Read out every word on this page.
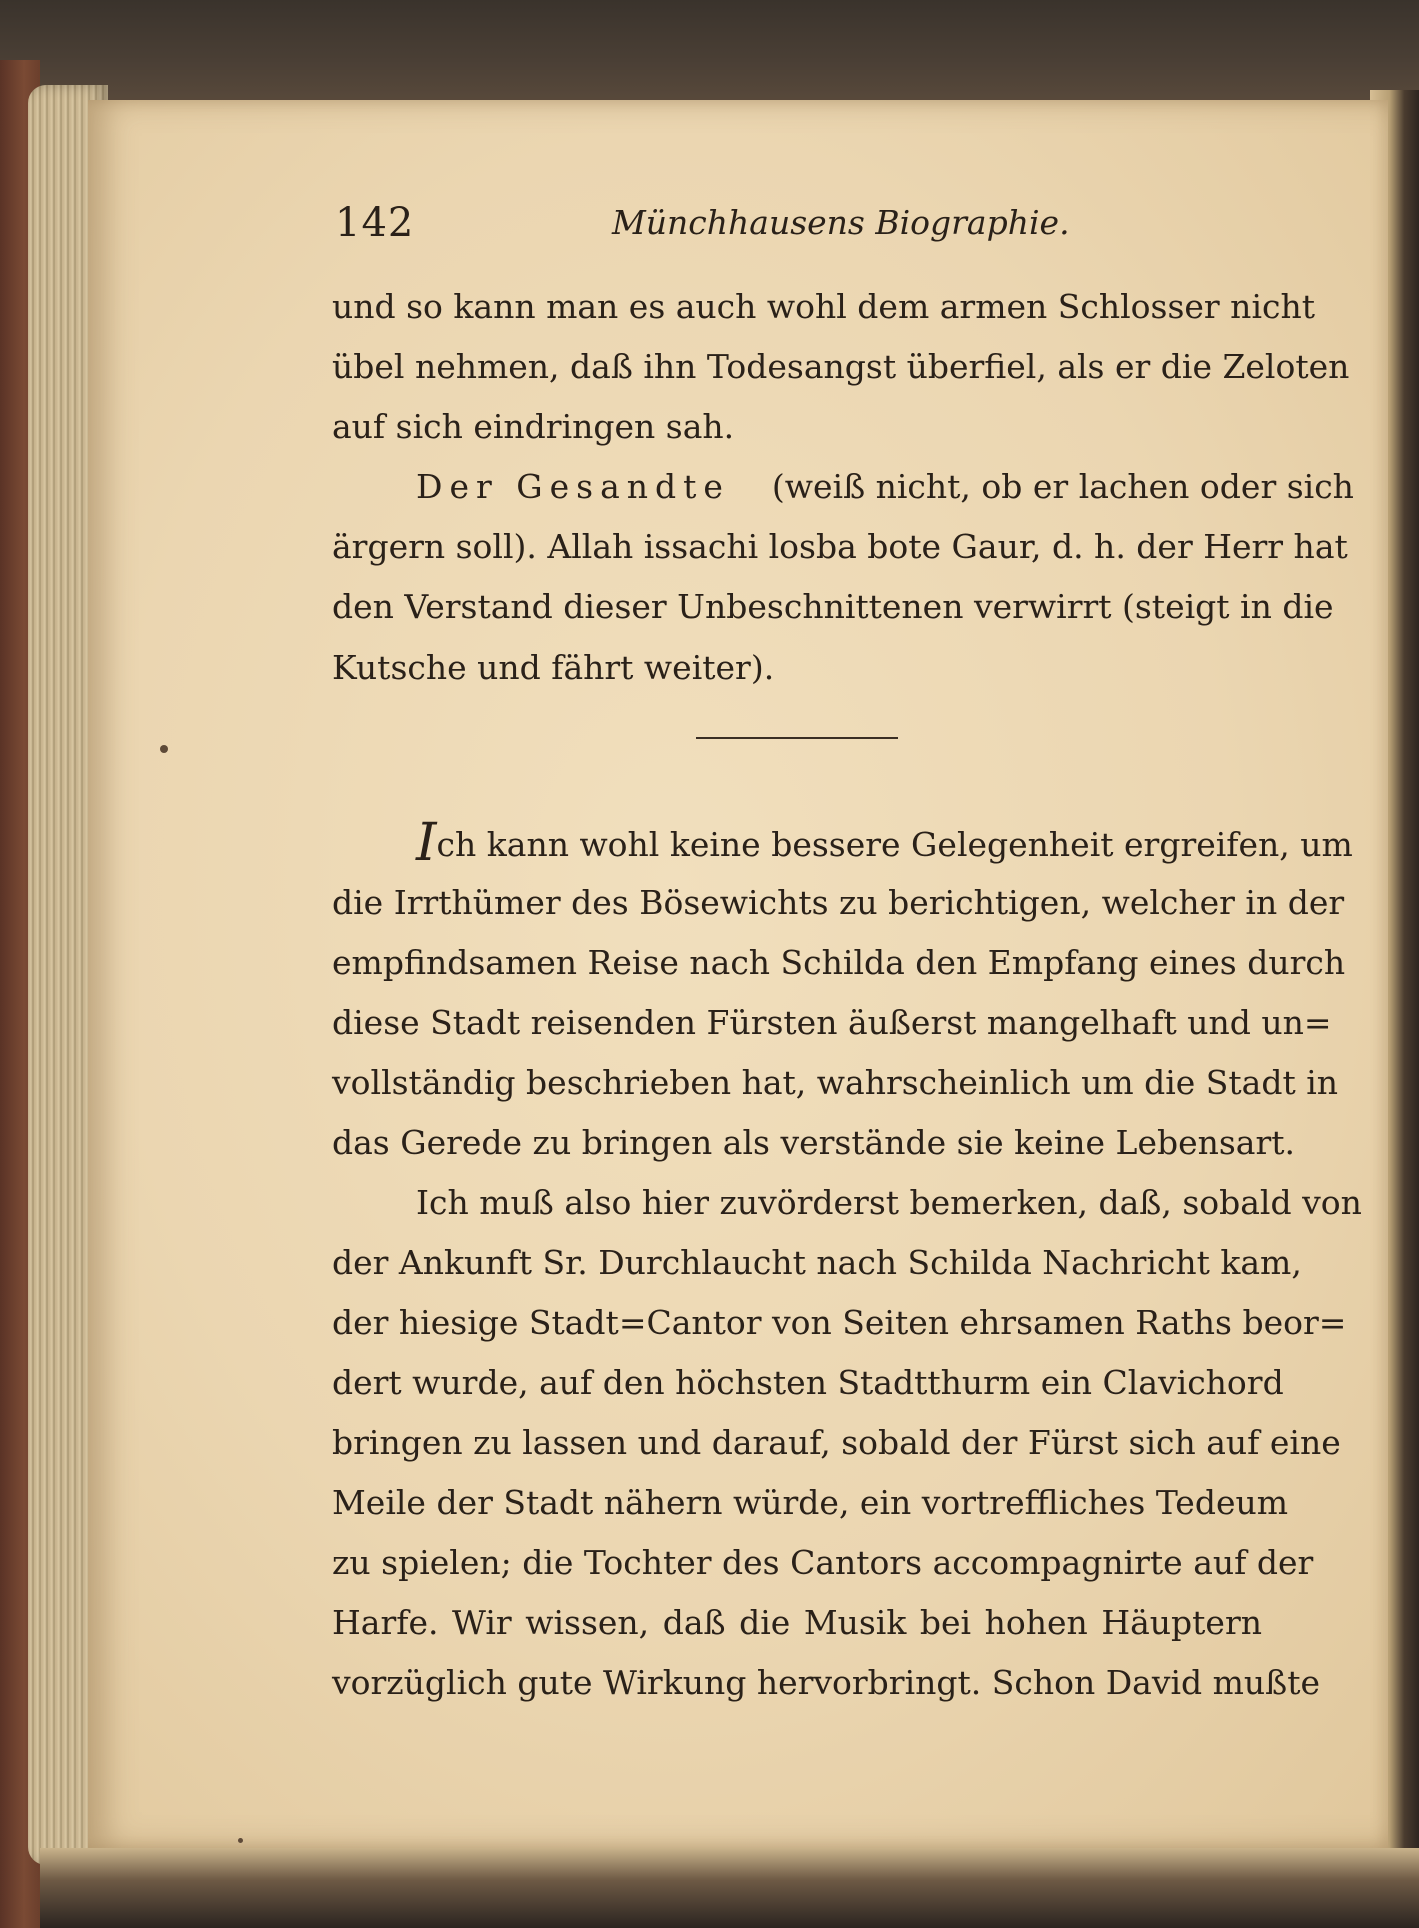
142	Münchhausens Biographie.

und so kann man es auch wohl dem armen Schlosser nicht

übel nehmen, daß ihn Todesangst überfiel, als er die Zeloten

auf sich eindringen sah.

Der Gesandte (weiß nicht, ob er lachen oder sich

ärgern soll). Allah issachi losba bote Gaur, d. h. der Herr hat

den Verstand dieser Unbeschnittenen verwirrt (steigt in die

Kutsche und fährt weiter).

Ich kann wohl keine bessere Gelegenheit ergreifen, um

die Irrthümer des Bösewichts zu berichtigen, welcher in der

empfindsamen Reise nach Schilda den Empfang eines durch

diese Stadt reisenden Fürsten äußerst mangelhaft und un=

vollständig beschrieben hat, wahrscheinlich um die Stadt in

das Gerede zu bringen als verstände sie keine Lebensart.

Ich muß also hier zuvörderst bemerken, daß, sobald von

der Ankunft Sr. Durchlaucht nach Schilda Nachricht kam,

der hiesige Stadt=Cantor von Seiten ehrsamen Raths beor=

dert wurde, auf den höchsten Stadtthurm ein Clavichord

bringen zu lassen und darauf, sobald der Fürst sich auf eine

Meile der Stadt nähern würde, ein vortreffliches Tedeum

zu spielen; die Tochter des Cantors accompagnirte auf der

Harfe. Wir wissen, daß die Musik bei hohen Häuptern

vorzüglich gute Wirkung hervorbringt. Schon David mußte
